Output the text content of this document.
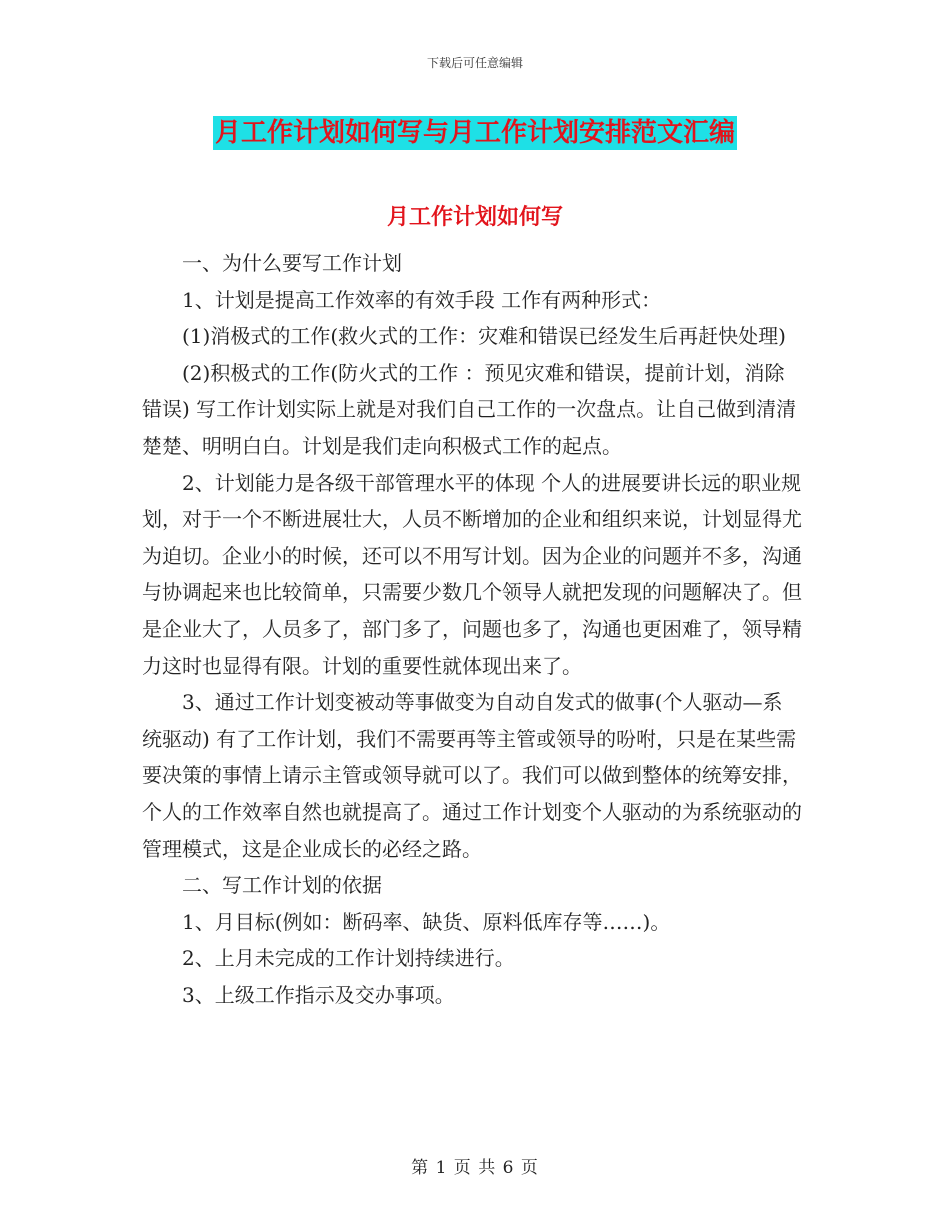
下载后可任意编辑
月工作计划如何写与月工作计划安排范文汇编
月工作计划如何写

一、为什么要写工作计划

1、计划是提高工作效率的有效手段 工作有两种形式：

(1)消极式的工作(救火式的工作：灾难和错误已经发生后再赶快处理)

(2)积极式的工作(防火式的工作 ：预见灾难和错误，提前计划，消除错误) 写工作计划实际上就是对我们自己工作的一次盘点。让自己做到清清楚楚、明明白白。计划是我们走向积极式工作的起点。

2、计划能力是各级干部管理水平的体现 个人的进展要讲长远的职业规划，对于一个不断进展壮大，人员不断增加的企业和组织来说，计划显得尤为迫切。企业小的时候，还可以不用写计划。因为企业的问题并不多，沟通与协调起来也比较简单，只需要少数几个领导人就把发现的问题解决了。但是企业大了，人员多了，部门多了，问题也多了，沟通也更困难了，领导精力这时也显得有限。计划的重要性就体现出来了。

3、通过工作计划变被动等事做变为自动自发式的做事(个人驱动—系统驱动) 有了工作计划，我们不需要再等主管或领导的吩咐，只是在某些需要决策的事情上请示主管或领导就可以了。我们可以做到整体的统筹安排，个人的工作效率自然也就提高了。通过工作计划变个人驱动的为系统驱动的管理模式，这是企业成长的必经之路。

二、写工作计划的依据

1、月目标(例如：断码率、缺货、原料低库存等……)。

2、上月未完成的工作计划持续进行。

3、上级工作指示及交办事项。

第 1 页 共 6 页
